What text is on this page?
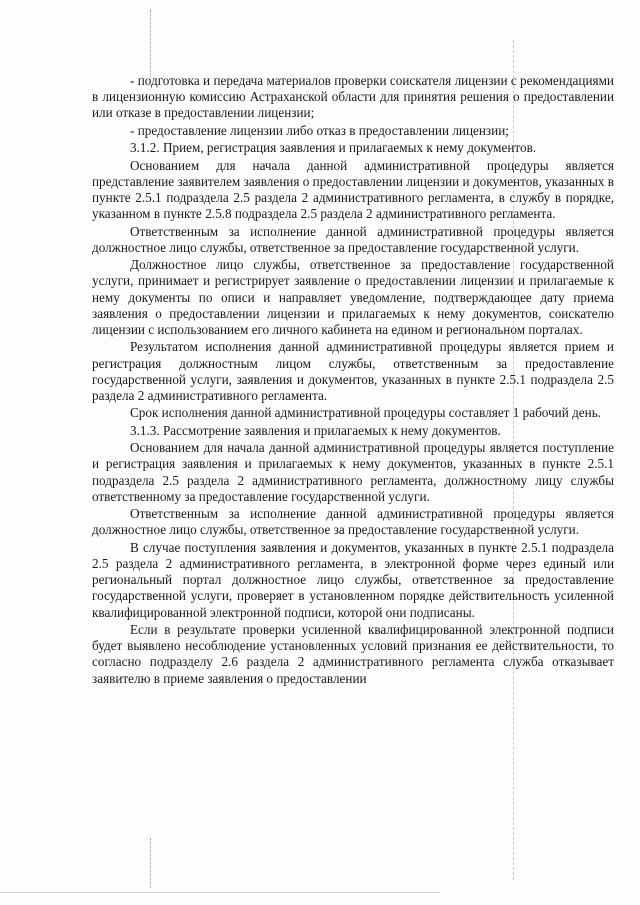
- подготовка и передача материалов проверки соискателя лицензии с рекомендациями в лицензионную комиссию Астраханской области для принятия решения о предоставлении или отказе в предоставлении лицензии;

- предоставление лицензии либо отказ в предоставлении лицензии;

3.1.2. Прием, регистрация заявления и прилагаемых к нему документов.

Основанием для начала данной административной процедуры является представление заявителем заявления о предоставлении лицензии и документов, указанных в пункте 2.5.1 подраздела 2.5 раздела 2 административного регламента, в службу в порядке, указанном в пункте 2.5.8 подраздела 2.5 раздела 2 административного регламента.

Ответственным за исполнение данной административной процедуры является должностное лицо службы, ответственное за предоставление государственной услуги.

Должностное лицо службы, ответственное за предоставление государственной услуги, принимает и регистрирует заявление о предоставлении лицензии и прилагаемые к нему документы по описи и направляет уведомление, подтверждающее дату приема заявления о предоставлении лицензии и прилагаемых к нему документов, соискателю лицензии с использованием его личного кабинета на едином и региональном порталах.

Результатом исполнения данной административной процедуры является прием и регистрация должностным лицом службы, ответственным за предоставление государственной услуги, заявления и документов, указанных в пункте 2.5.1 подраздела 2.5 раздела 2 административного регламента.

Срок исполнения данной административной процедуры составляет 1 рабочий день.

3.1.3. Рассмотрение заявления и прилагаемых к нему документов.

Основанием для начала данной административной процедуры является поступление и регистрация заявления и прилагаемых к нему документов, указанных в пункте 2.5.1 подраздела 2.5 раздела 2 административного регламента, должностному лицу службы ответственному за предоставление государственной услуги.

Ответственным за исполнение данной административной процедуры является должностное лицо службы, ответственное за предоставление государственной услуги.

В случае поступления заявления и документов, указанных в пункте 2.5.1 подраздела 2.5 раздела 2 административного регламента, в электронной форме через единый или региональный портал должностное лицо службы, ответственное за предоставление государственной услуги, проверяет в установленном порядке действительность усиленной квалифицированной электронной подписи, которой они подписаны.

Если в результате проверки усиленной квалифицированной электронной подписи будет выявлено несоблюдение установленных условий признания ее действительности, то согласно подразделу 2.6 раздела 2 административного регламента служба отказывает заявителю в приеме заявления о предоставлении
